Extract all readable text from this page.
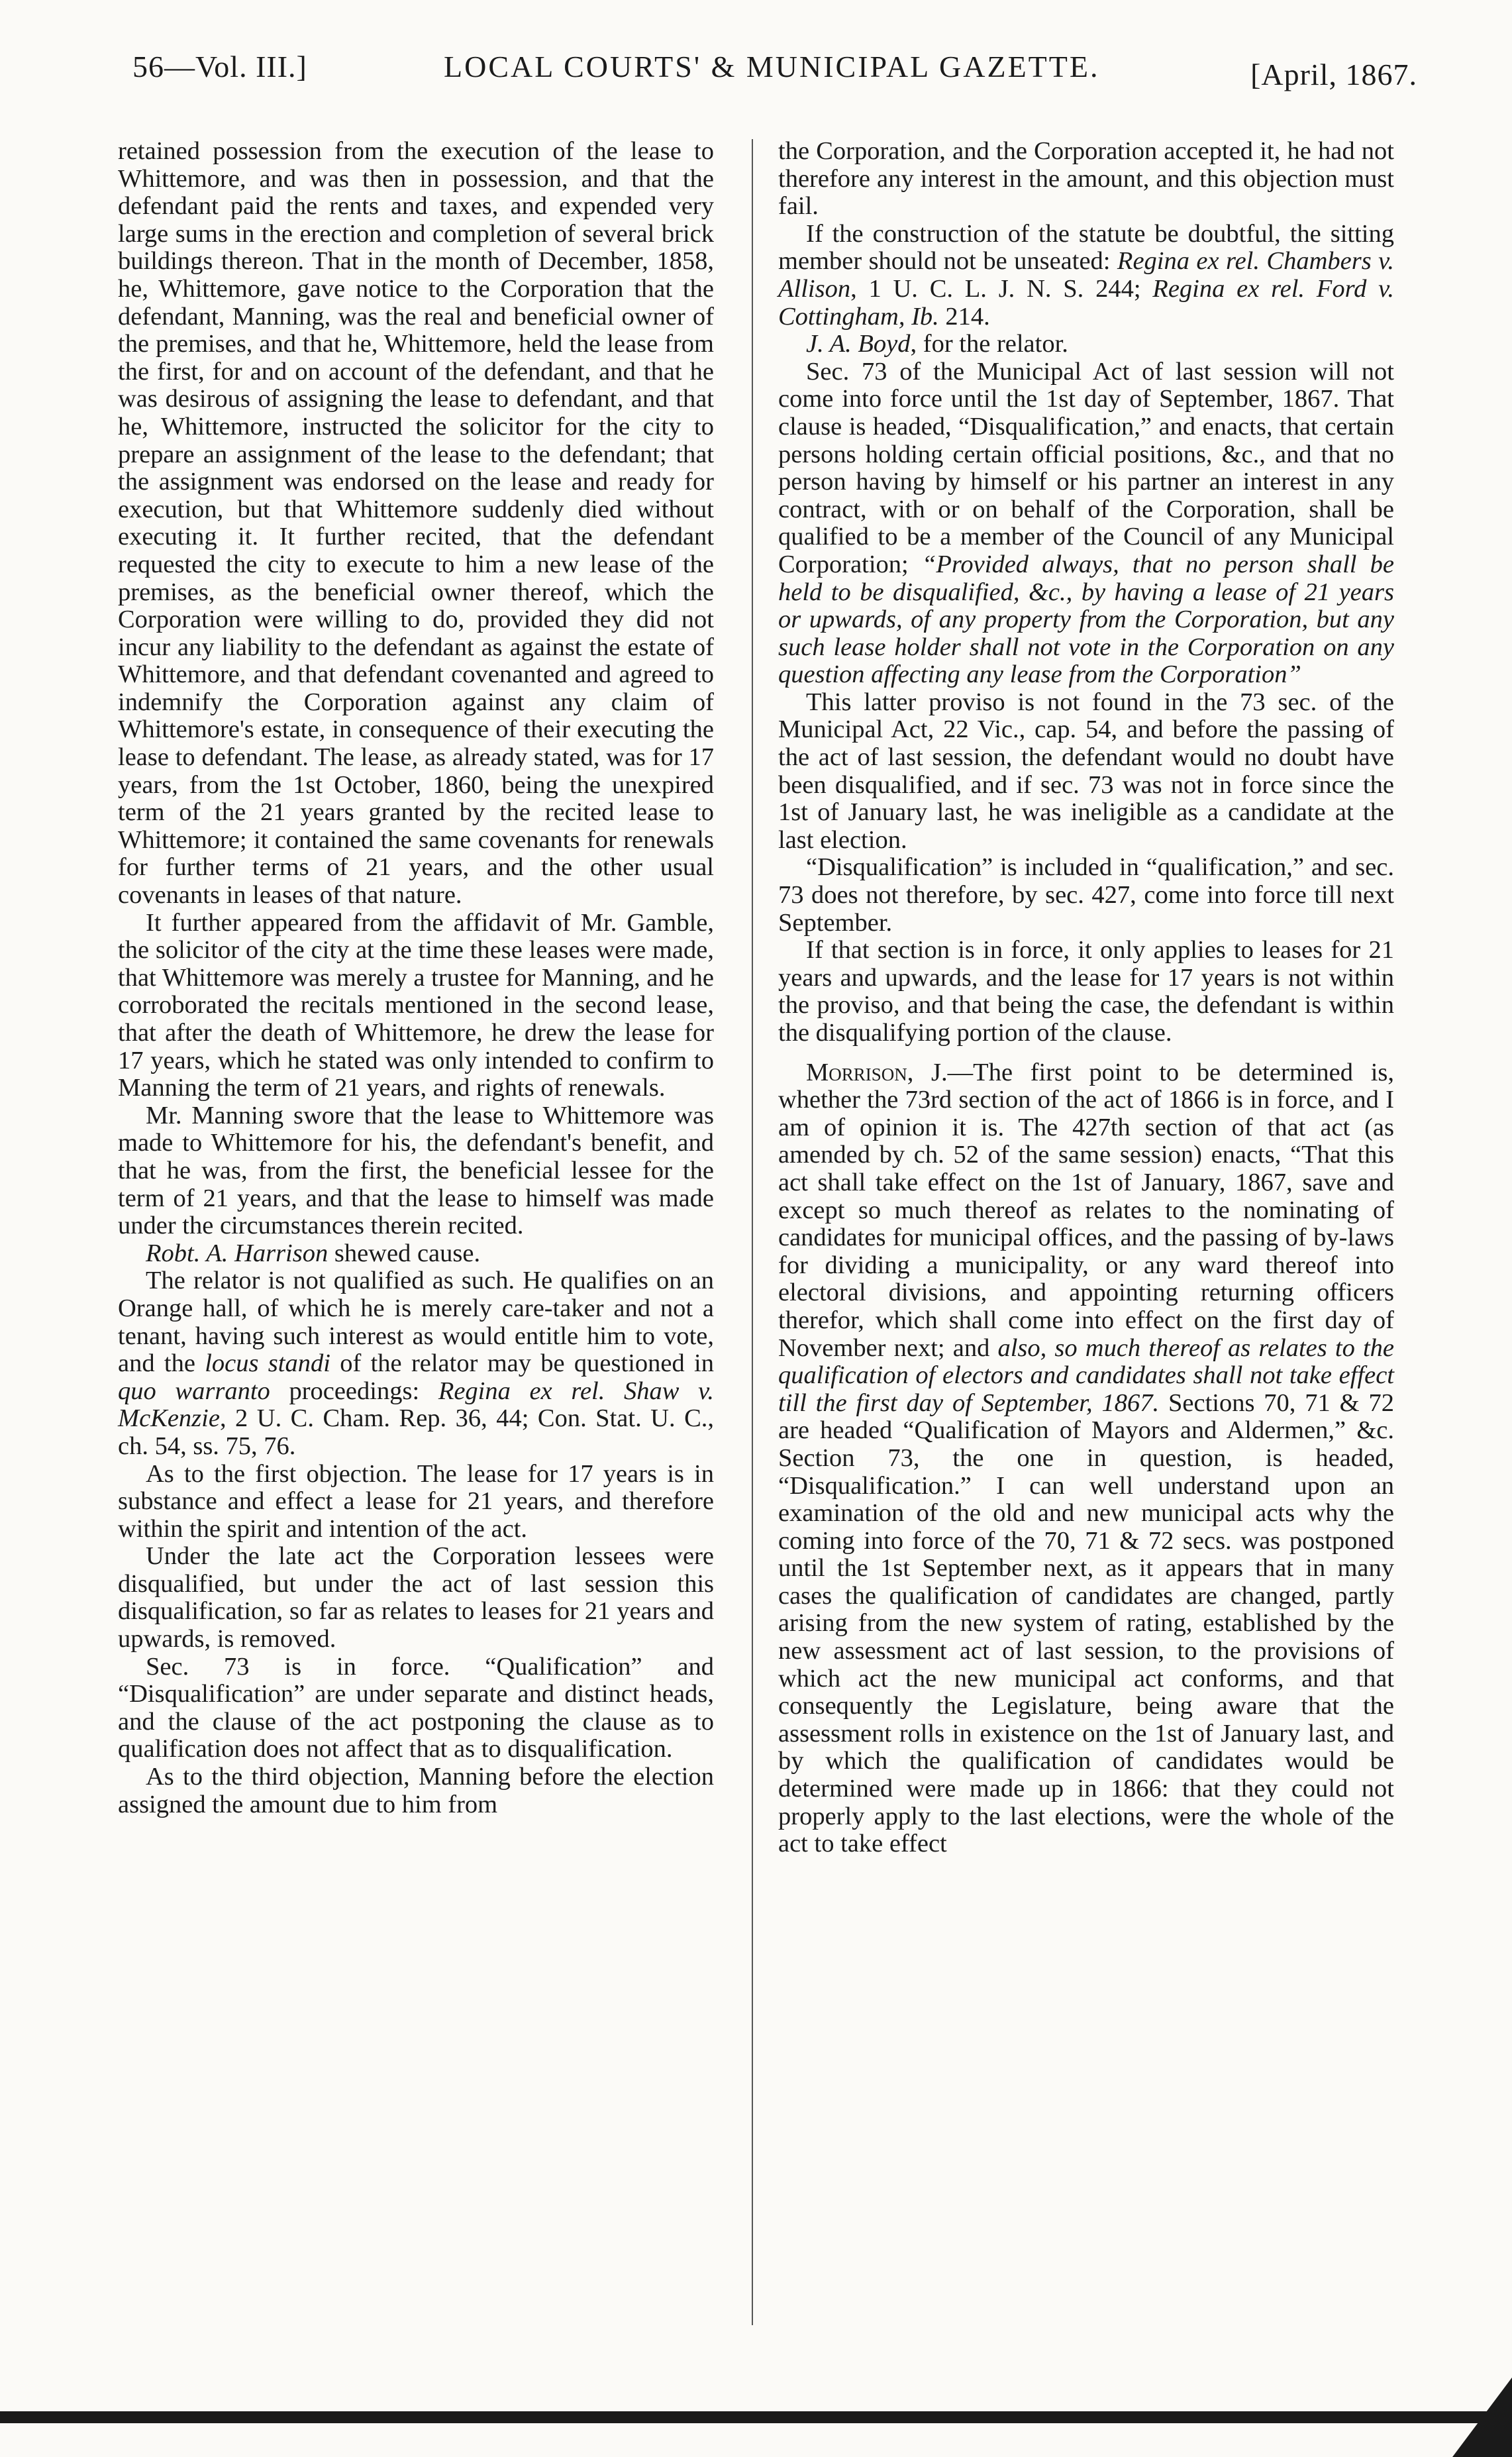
56—Vol. III.]	LOCAL COURTS' & MUNICIPAL GAZETTE.	[April, 1867.

retained possession from the execution of the lease to Whittemore, and was then in possession, and that the defendant paid the rents and taxes, and expended very large sums in the erection and completion of several brick buildings thereon. That in the month of December, 1858, he, Whittemore, gave notice to the Corporation that the defendant, Manning, was the real and beneficial owner of the premises, and that he, Whittemore, held the lease from the first, for and on account of the defendant, and that he was desirous of assigning the lease to defendant, and that he, Whittemore, instructed the solicitor for the city to prepare an assignment of the lease to the defendant; that the assignment was endorsed on the lease and ready for execution, but that Whittemore suddenly died without executing it. It further recited, that the defendant requested the city to execute to him a new lease of the premises, as the beneficial owner thereof, which the Corporation were willing to do, provided they did not incur any liability to the defendant as against the estate of Whittemore, and that defendant covenanted and agreed to indemnify the Corporation against any claim of Whittemore's estate, in consequence of their executing the lease to defendant. The lease, as already stated, was for 17 years, from the 1st October, 1860, being the unexpired term of the 21 years granted by the recited lease to Whittemore; it contained the same covenants for renewals for further terms of 21 years, and the other usual covenants in leases of that nature.

It further appeared from the affidavit of Mr. Gamble, the solicitor of the city at the time these leases were made, that Whittemore was merely a trustee for Manning, and he corroborated the recitals mentioned in the second lease, that after the death of Whittemore, he drew the lease for 17 years, which he stated was only intended to confirm to Manning the term of 21 years, and rights of renewals.

Mr. Manning swore that the lease to Whittemore was made to Whittemore for his, the defendant's benefit, and that he was, from the first, the beneficial lessee for the term of 21 years, and that the lease to himself was made under the circumstances therein recited.

Robt. A. Harrison shewed cause.

The relator is not qualified as such. He qualifies on an Orange hall, of which he is merely care-taker and not a tenant, having such interest as would entitle him to vote, and the locus standi of the relator may be questioned in quo warranto proceedings: Regina ex rel. Shaw v. McKenzie, 2 U. C. Cham. Rep. 36, 44; Con. Stat. U. C., ch. 54, ss. 75, 76.

As to the first objection. The lease for 17 years is in substance and effect a lease for 21 years, and therefore within the spirit and intention of the act.

Under the late act the Corporation lessees were disqualified, but under the act of last session this disqualification, so far as relates to leases for 21 years and upwards, is removed.

Sec. 73 is in force. “Qualification” and “Disqualification” are under separate and distinct heads, and the clause of the act postponing the clause as to qualification does not affect that as to disqualification.

As to the third objection, Manning before the election assigned the amount due to him from

the Corporation, and the Corporation accepted it, he had not therefore any interest in the amount, and this objection must fail.

If the construction of the statute be doubtful, the sitting member should not be unseated: Regina ex rel. Chambers v. Allison, 1 U. C. L. J. N. S. 244; Regina ex rel. Ford v. Cottingham, Ib. 214.

J. A. Boyd, for the relator.

Sec. 73 of the Municipal Act of last session will not come into force until the 1st day of September, 1867. That clause is headed, “Disqualification,” and enacts, that certain persons holding certain official positions, &c., and that no person having by himself or his partner an interest in any contract, with or on behalf of the Corporation, shall be qualified to be a member of the Council of any Municipal Corporation; “Provided always, that no person shall be held to be disqualified, &c., by having a lease of 21 years or upwards, of any property from the Corporation, but any such lease holder shall not vote in the Corporation on any question affecting any lease from the Corporation”

This latter proviso is not found in the 73 sec. of the Municipal Act, 22 Vic., cap. 54, and before the passing of the act of last session, the defendant would no doubt have been disqualified, and if sec. 73 was not in force since the 1st of January last, he was ineligible as a candidate at the last election.

“Disqualification” is included in “qualification,” and sec. 73 does not therefore, by sec. 427, come into force till next September.

If that section is in force, it only applies to leases for 21 years and upwards, and the lease for 17 years is not within the proviso, and that being the case, the defendant is within the disqualifying portion of the clause.

Morrison, J.—The first point to be determined is, whether the 73rd section of the act of 1866 is in force, and I am of opinion it is. The 427th section of that act (as amended by ch. 52 of the same session) enacts, “That this act shall take effect on the 1st of January, 1867, save and except so much thereof as relates to the nominating of candidates for municipal offices, and the passing of by-laws for dividing a municipality, or any ward thereof into electoral divisions, and appointing returning officers therefor, which shall come into effect on the first day of November next; and also, so much thereof as relates to the qualification of electors and candidates shall not take effect till the first day of September, 1867. Sections 70, 71 & 72 are headed “Qualification of Mayors and Aldermen,” &c. Section 73, the one in question, is headed, “Disqualification.” I can well understand upon an examination of the old and new municipal acts why the coming into force of the 70, 71 & 72 secs. was postponed until the 1st September next, as it appears that in many cases the qualification of candidates are changed, partly arising from the new system of rating, established by the new assessment act of last session, to the provisions of which act the new municipal act conforms, and that consequently the Legislature, being aware that the assessment rolls in existence on the 1st of January last, and by which the qualification of candidates would be determined were made up in 1866: that they could not properly apply to the last elections, were the whole of the act to take effect
